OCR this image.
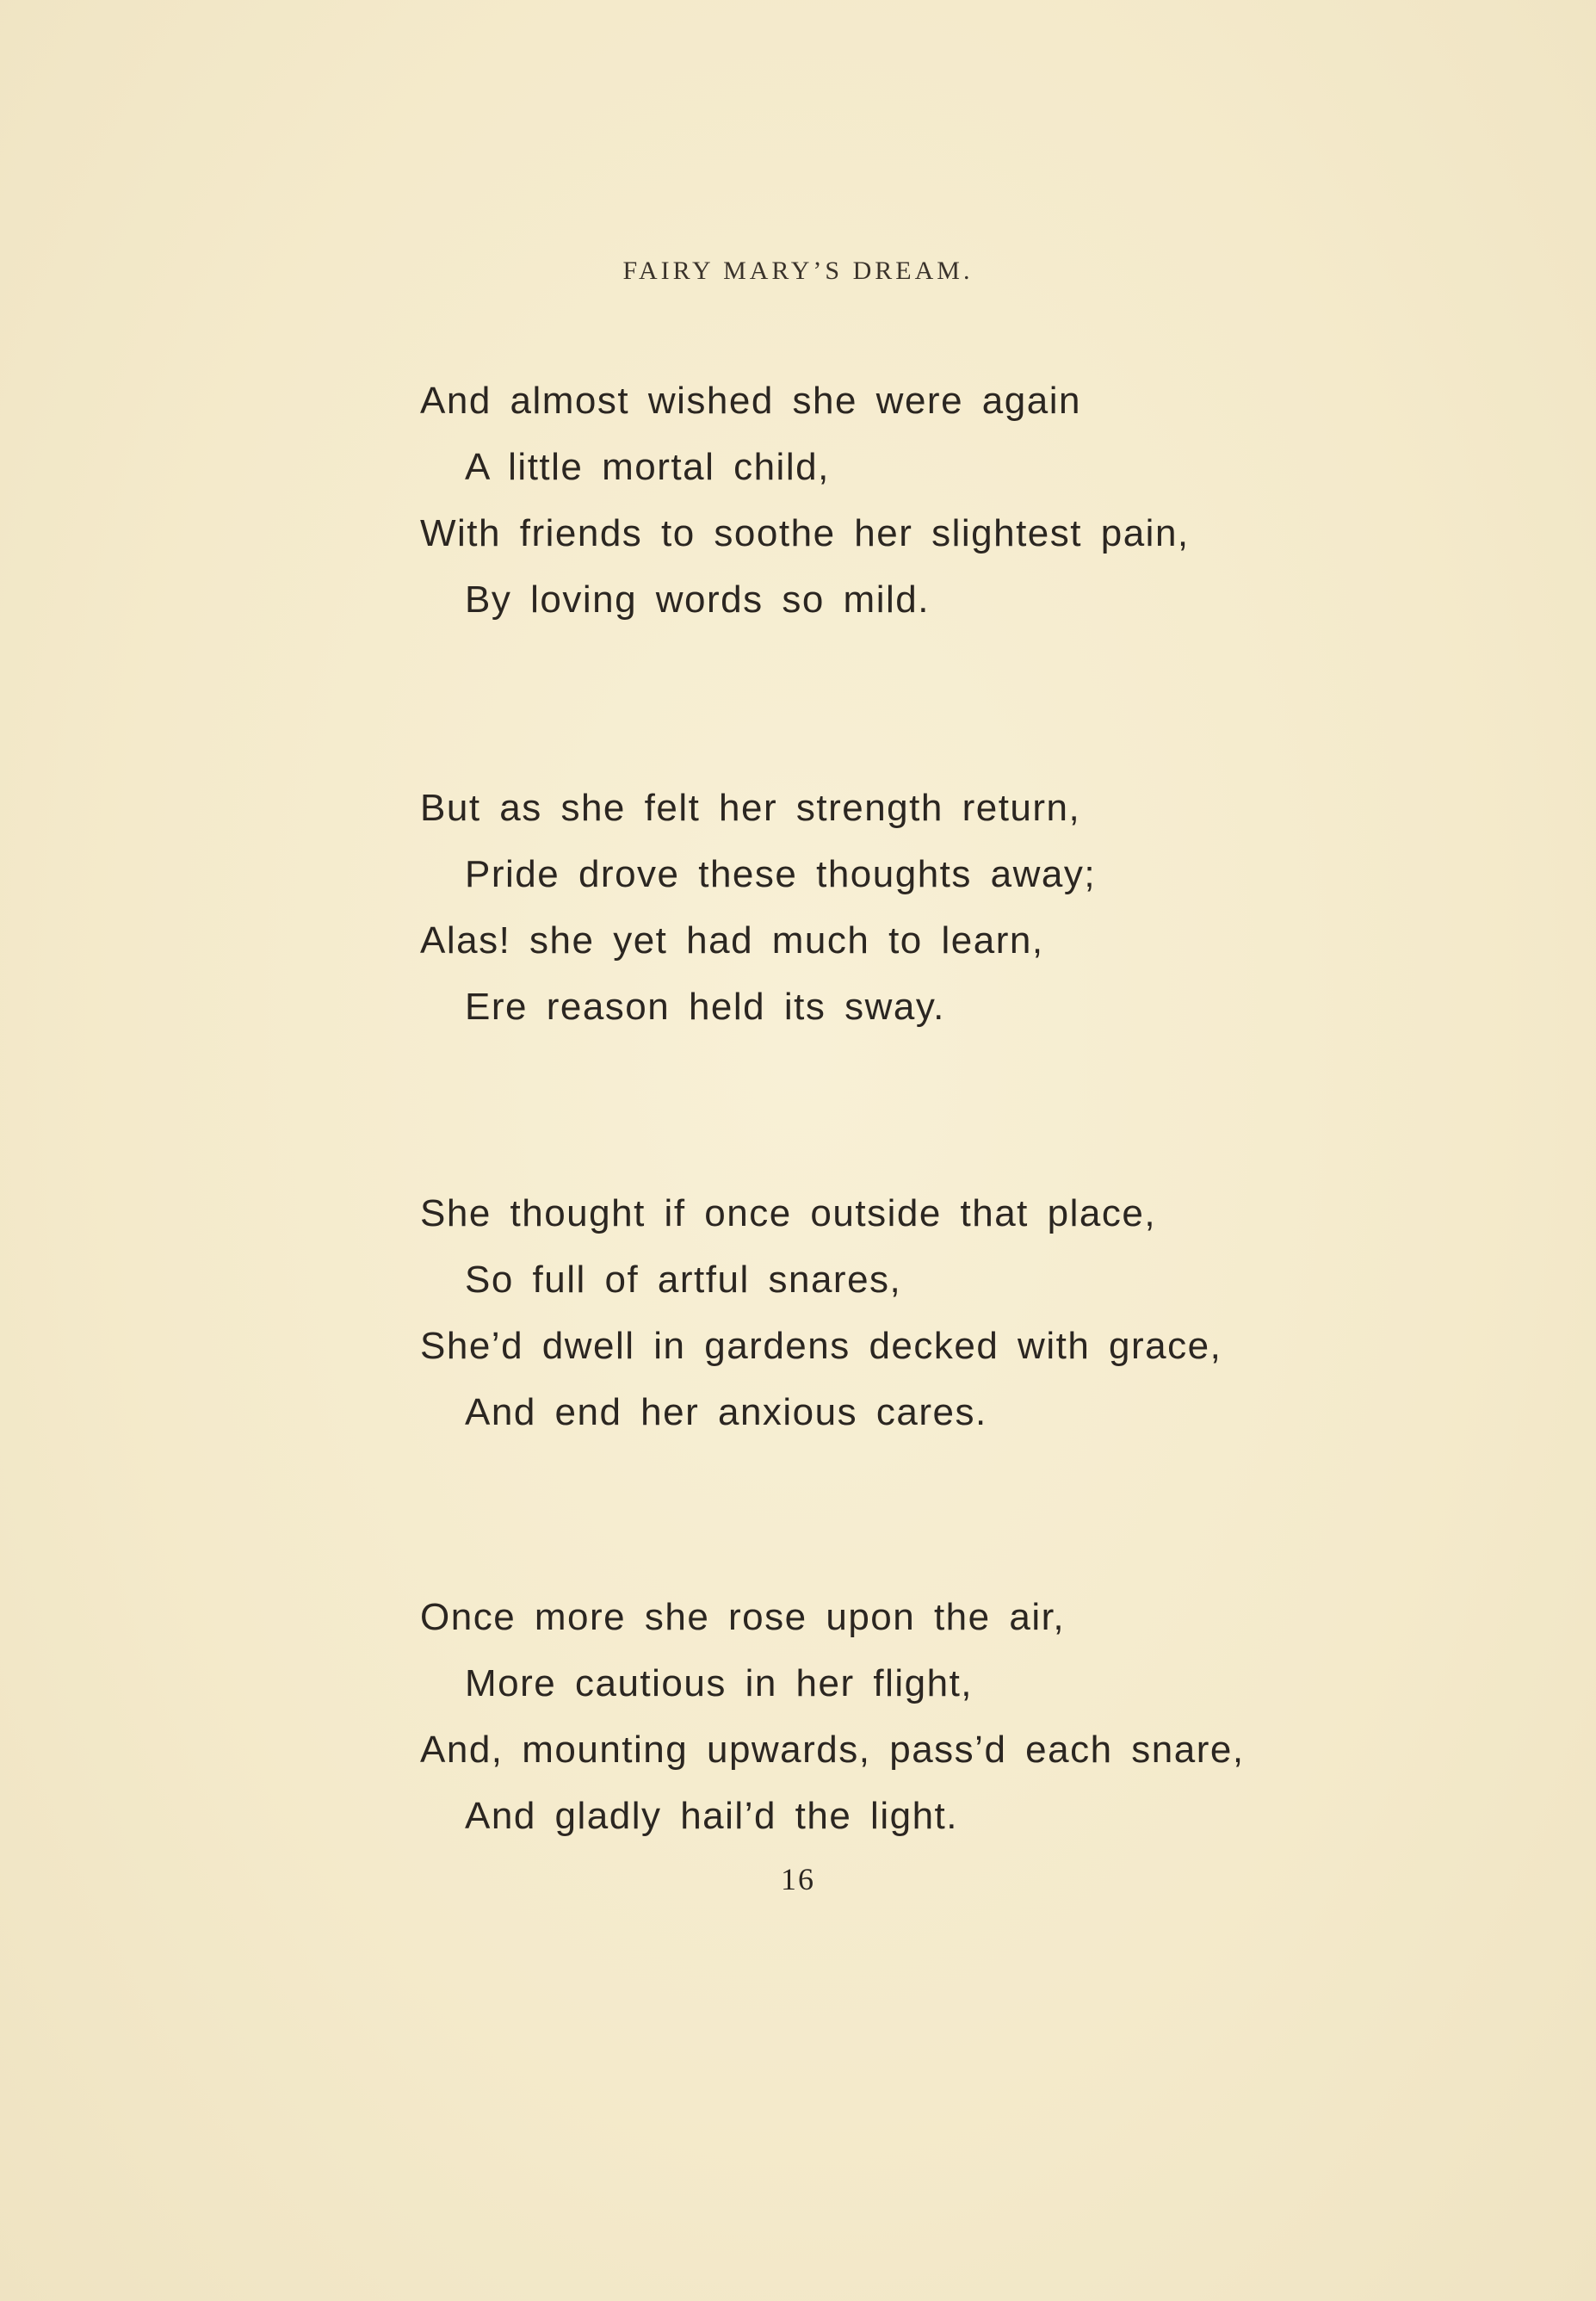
FAIRY MARY’S DREAM.
And almost wished she were again
A little mortal child,
With friends to soothe her slightest pain,
By loving words so mild.
But as she felt her strength return,
Pride drove these thoughts away;
Alas! she yet had much to learn,
Ere reason held its sway.
She thought if once outside that place,
So full of artful snares,
She’d dwell in gardens decked with grace,
And end her anxious cares.
Once more she rose upon the air,
More cautious in her flight,
And, mounting upwards, pass’d each snare,
And gladly hail’d the light.
16
